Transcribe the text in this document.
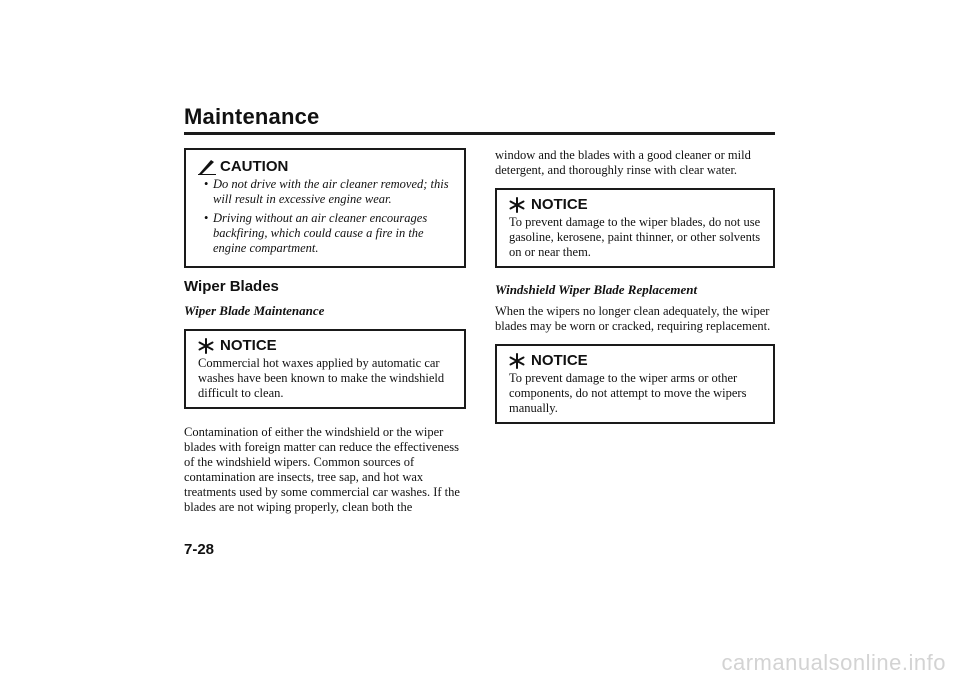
Maintenance
CAUTION
• Do not drive with the air cleaner removed; this will result in excessive engine wear.
• Driving without an air cleaner encourages backfiring, which could cause a fire in the engine compartment.
Wiper Blades
Wiper Blade Maintenance
NOTICE
Commercial hot waxes applied by automatic car washes have been known to make the windshield difficult to clean.

Contamination of either the windshield or the wiper blades with foreign matter can reduce the effectiveness of the windshield wipers. Common sources of contamination are insects, tree sap, and hot wax treatments used by some commercial car washes. If the blades are not wiping properly, clean both the

window and the blades with a good cleaner or mild detergent, and thoroughly rinse with clear water.

NOTICE
To prevent damage to the wiper blades, do not use gasoline, kerosene, paint thinner, or other solvents on or near them.
Windshield Wiper Blade Replacement

When the wipers no longer clean adequately, the wiper blades may be worn or cracked, requiring replacement.

NOTICE
To prevent damage to the wiper arms or other components, do not attempt to move the wipers manually.
7-28
carmanualsonline.info
